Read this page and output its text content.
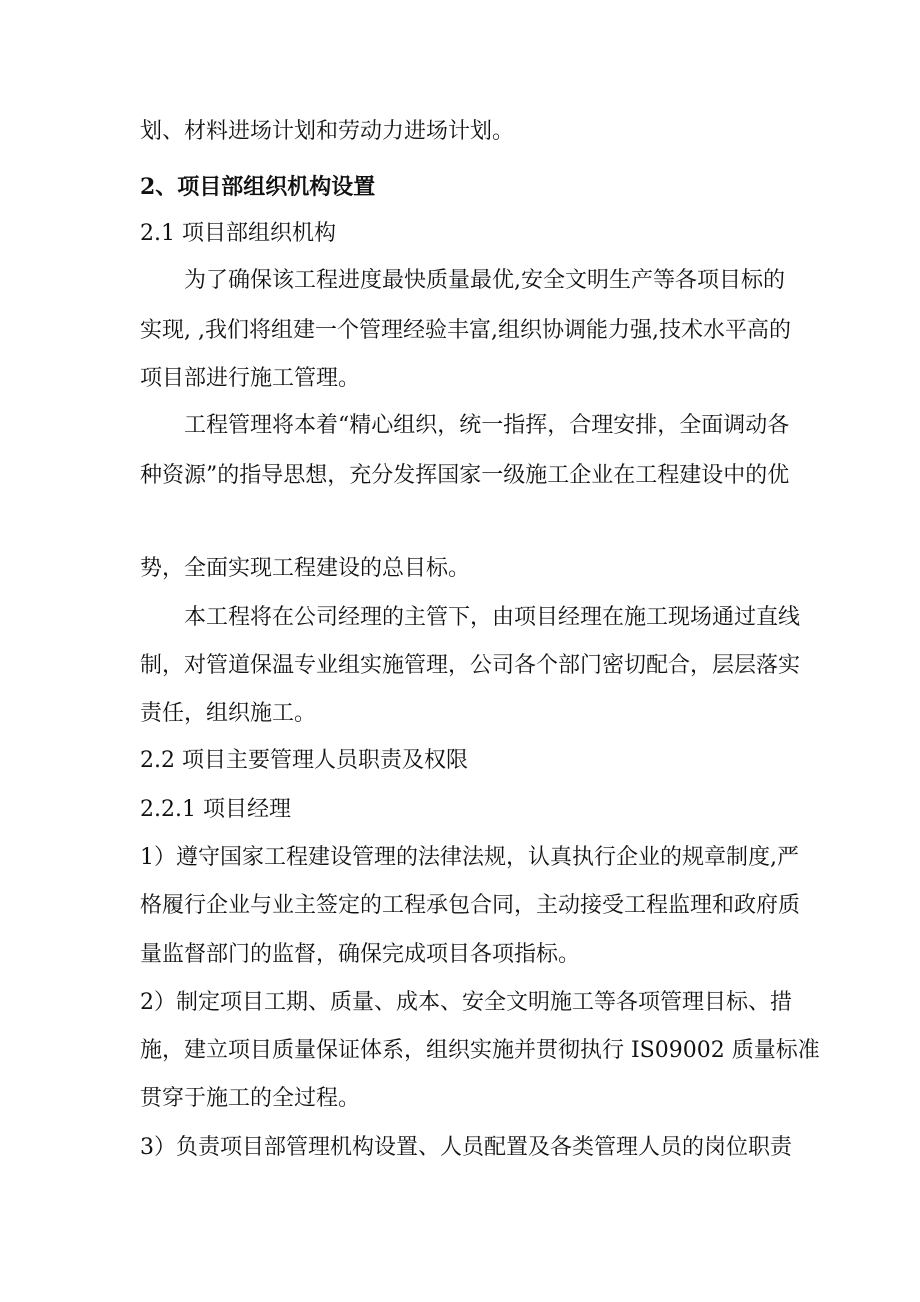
划、材料进场计划和劳动力进场计划。
2、项目部组织机构设置
2.1 项目部组织机构
为了确保该工程进度最快质量最优,安全文明生产等各项目标的
实现, ,我们将组建一个管理经验丰富,组织协调能力强,技术水平高的
项目部进行施工管理。
工程管理将本着“精心组织，统一指挥，合理安排，全面调动各
种资源”的指导思想，充分发挥国家一级施工企业在工程建设中的优
势，全面实现工程建设的总目标。
本工程将在公司经理的主管下，由项目经理在施工现场通过直线
制，对管道保温专业组实施管理，公司各个部门密切配合，层层落实
责任，组织施工。
2.2 项目主要管理人员职责及权限
2.2.1 项目经理
1）遵守国家工程建设管理的法律法规，认真执行企业的规章制度,严
格履行企业与业主签定的工程承包合同，主动接受工程监理和政府质
量监督部门的监督，确保完成项目各项指标。
2）制定项目工期、质量、成本、安全文明施工等各项管理目标、措
施，建立项目质量保证体系，组织实施并贯彻执行 IS09002 质量标准
贯穿于施工的全过程。
3）负责项目部管理机构设置、人员配置及各类管理人员的岗位职责
